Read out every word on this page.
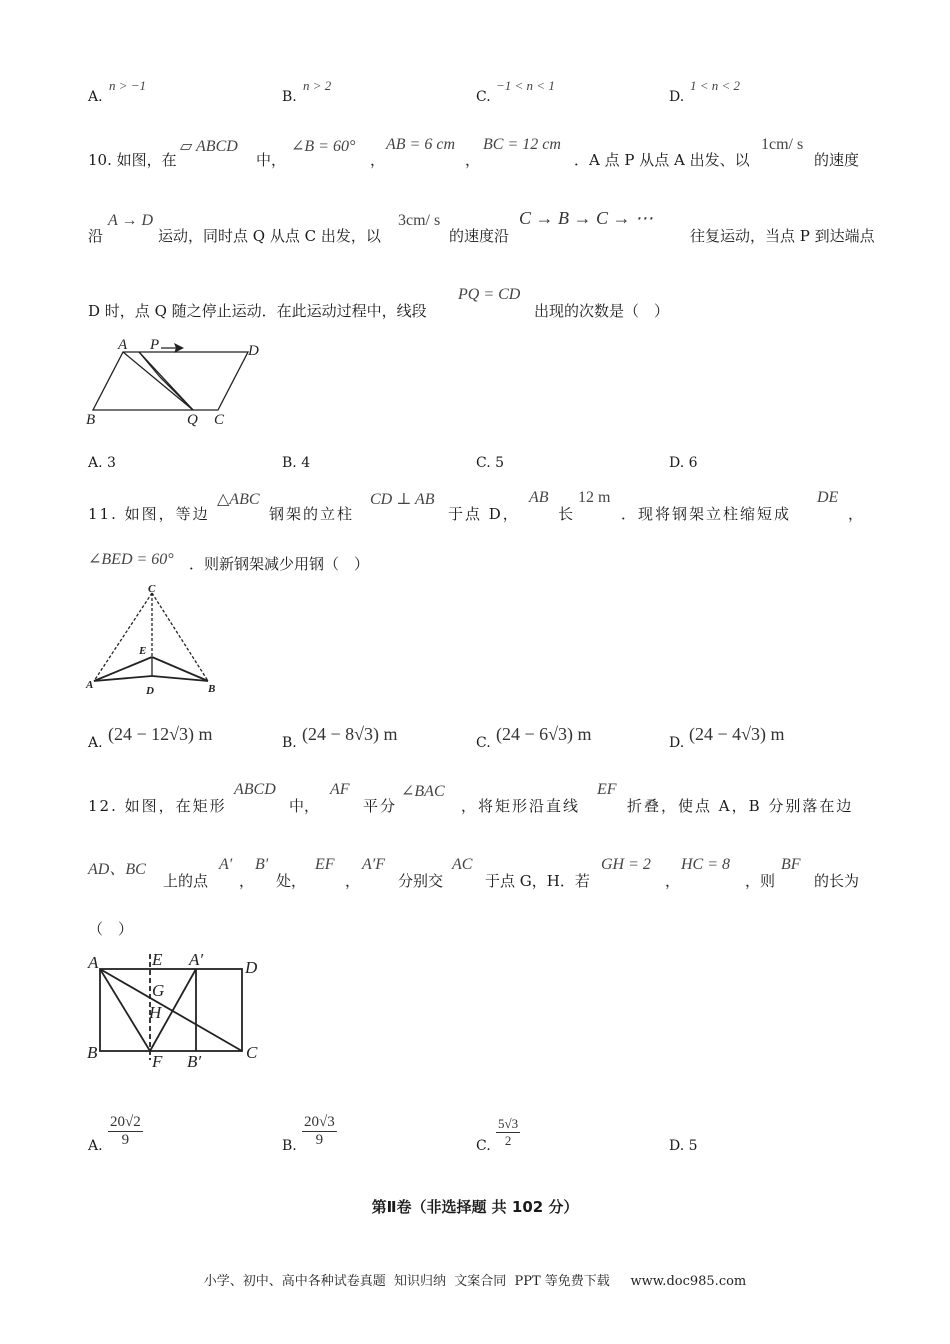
A.
n > −1
B.
n > 2
C.
−1 < n < 1
D.
1 < n < 2
10. 如图，在
▱ ABCD
中，
∠B = 60°
，
AB = 6 cm
，
BC = 12 cm
．A 点 P 从点 A 出发、以
1cm/ s
的速度
沿
A → D
运动，同时点 Q 从点 C 出发，以
3cm/ s
的速度沿
C → B → C → ⋯
往复运动，当点 P 到达端点
D 时，点 Q 随之停止运动．在此运动过程中，线段
PQ = CD
出现的次数是（　）
A P	D
B	Q C
A. 3	B. 4	C. 5	D. 6
11. 如图，等边
△ABC
钢架的立柱
CD ⊥ AB
于点 D，
AB
长
12 m
．现将钢架立柱缩短成
DE
，
∠BED = 60° ．则新钢架减少用钢（　）
C
E
A	D	B
A. (24 − 12√3) m	B. (24 − 8√3) m	C. (24 − 6√3) m	D. (24 − 4√3) m
12. 如图，在矩形
ABCD
中，
AF
平分
∠BAC
，将矩形沿直线
EF
折叠，使点 A，B 分别落在边
AD、BC
上的点
A′
，
B′
处，
EF
，
A′F
分别交
AC
于点 G，H．若
GH = 2
，
HC = 8
，则
BF
的长为
（　）
A	E A′ D
G
H
B	F B′	C
A. $\frac{20√2}{9}$	B. $\frac{20√3}{9}$	C. $\frac{5√3}{2}$	D. 5
第Ⅱ卷（非选择题 共 102 分）
小学、初中、高中各种试卷真题  知识归纳  文案合同  PPT 等免费下载     www.doc985.com
